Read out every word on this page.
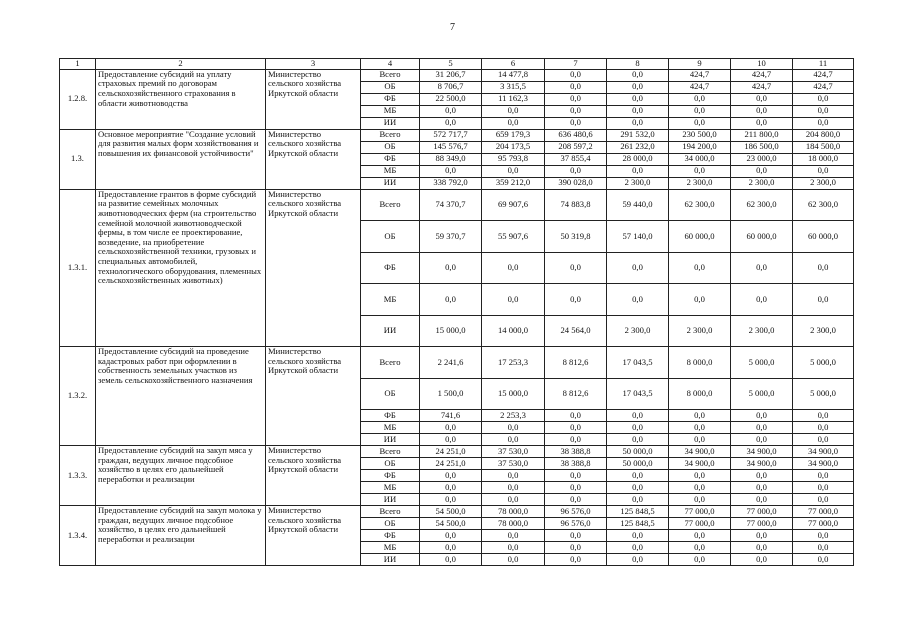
7
1	2	3	4	5	6	7	8	9	10	11
1.2.8.	Предоставление субсидий на уплату страховых премий по договорам сельскохозяйственного страхования в области животноводства	Министерство сельского хозяйства Иркутской области	Всего	31 206,7	14 477,8	0,0	0,0	424,7	424,7	424,7
			ОБ	8 706,7	3 315,5	0,0	0,0	424,7	424,7	424,7
			ФБ	22 500,0	11 162,3	0,0	0,0	0,0	0,0	0,0
			МБ	0,0	0,0	0,0	0,0	0,0	0,0	0,0
			ИИ	0,0	0,0	0,0	0,0	0,0	0,0	0,0
1.3.	Основное мероприятие "Создание условий для развития малых форм хозяйствования и повышения их финансовой устойчивости"	Министерство сельского хозяйства Иркутской области	Всего	572 717,7	659 179,3	636 480,6	291 532,0	230 500,0	211 800,0	204 800,0
			ОБ	145 576,7	204 173,5	208 597,2	261 232,0	194 200,0	186 500,0	184 500,0
			ФБ	88 349,0	95 793,8	37 855,4	28 000,0	34 000,0	23 000,0	18 000,0
			МБ	0,0	0,0	0,0	0,0	0,0	0,0	0,0
			ИИ	338 792,0	359 212,0	390 028,0	2 300,0	2 300,0	2 300,0	2 300,0
1.3.1.	Предоставление грантов в форме субсидий на развитие семейных молочных животноводческих ферм (на строительство семейной молочной животноводческой фермы, в том числе ее проектирование, возведение, на приобретение сельскохозяйственной техники, грузовых и специальных автомобилей, технологического оборудования, племенных сельскохозяйственных животных)	Министерство сельского хозяйства Иркутской области	Всего	74 370,7	69 907,6	74 883,8	59 440,0	62 300,0	62 300,0	62 300,0
			ОБ	59 370,7	55 907,6	50 319,8	57 140,0	60 000,0	60 000,0	60 000,0
			ФБ	0,0	0,0	0,0	0,0	0,0	0,0	0,0
			МБ	0,0	0,0	0,0	0,0	0,0	0,0	0,0
			ИИ	15 000,0	14 000,0	24 564,0	2 300,0	2 300,0	2 300,0	2 300,0
1.3.2.	Предоставление субсидий на проведение кадастровых работ при оформлении в собственность земельных участков из земель сельскохозяйственного назначения	Министерство сельского хозяйства Иркутской области	Всего	2 241,6	17 253,3	8 812,6	17 043,5	8 000,0	5 000,0	5 000,0
			ОБ	1 500,0	15 000,0	8 812,6	17 043,5	8 000,0	5 000,0	5 000,0
			ФБ	741,6	2 253,3	0,0	0,0	0,0	0,0	0,0
			МБ	0,0	0,0	0,0	0,0	0,0	0,0	0,0
			ИИ	0,0	0,0	0,0	0,0	0,0	0,0	0,0
1.3.3.	Предоставление субсидий на закуп мяса у граждан, ведущих личное подсобное хозяйство в целях его дальнейшей переработки и реализации	Министерство сельского хозяйства Иркутской области	Всего	24 251,0	37 530,0	38 388,8	50 000,0	34 900,0	34 900,0	34 900,0
			ОБ	24 251,0	37 530,0	38 388,8	50 000,0	34 900,0	34 900,0	34 900,0
			ФБ	0,0	0,0	0,0	0,0	0,0	0,0	0,0
			МБ	0,0	0,0	0,0	0,0	0,0	0,0	0,0
			ИИ	0,0	0,0	0,0	0,0	0,0	0,0	0,0
1.3.4.	Предоставление субсидий на закуп молока у граждан, ведущих личное подсобное хозяйство, в целях его дальнейшей переработки и реализации	Министерство сельского хозяйства Иркутской области	Всего	54 500,0	78 000,0	96 576,0	125 848,5	77 000,0	77 000,0	77 000,0
			ОБ	54 500,0	78 000,0	96 576,0	125 848,5	77 000,0	77 000,0	77 000,0
			ФБ	0,0	0,0	0,0	0,0	0,0	0,0	0,0
			МБ	0,0	0,0	0,0	0,0	0,0	0,0	0,0
			ИИ	0,0	0,0	0,0	0,0	0,0	0,0	0,0
